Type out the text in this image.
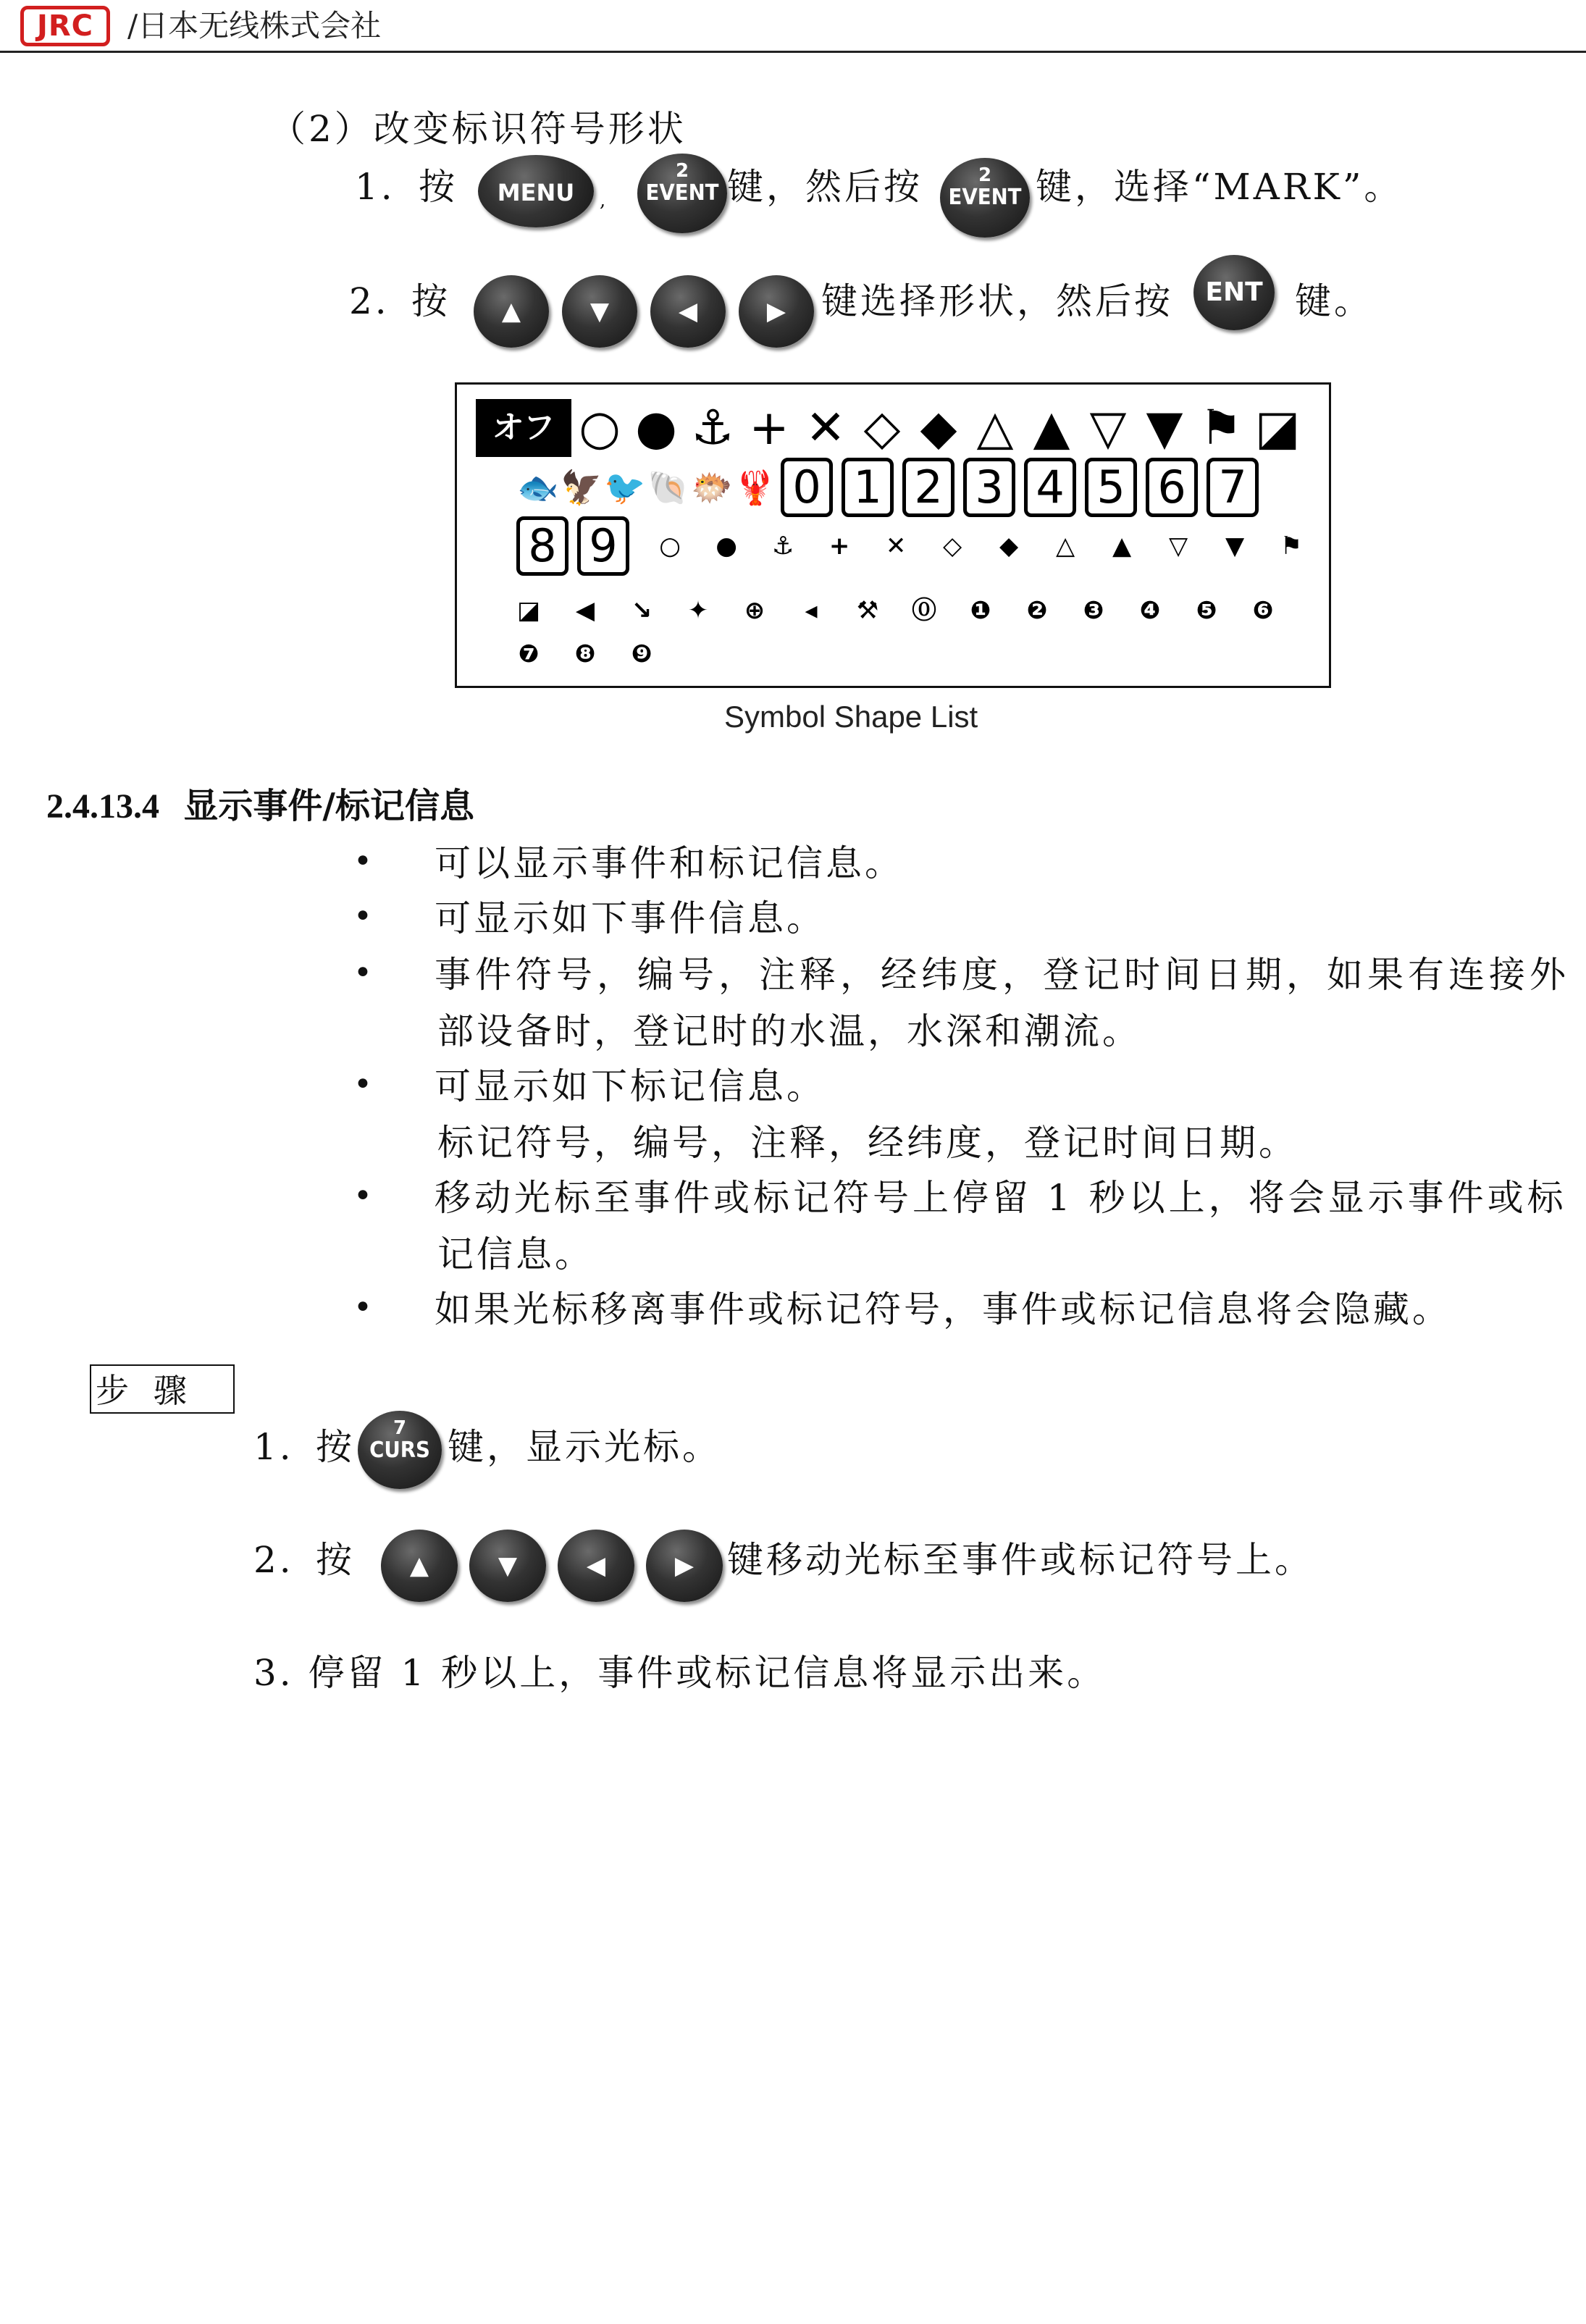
JRC	/日本无线株式会社
（2）改变标识符号形状
1. 按	MENU	,
2
EVENT 键，然后按	2
EVENT 键，选择“MARK”。
2. 按	▲	▼	◀	▶ 键选择形状，然后按	ENT 键。
オフ ○ ● ⚓ + ✕ ◇ ◆ △ ▲ ▽ ▼ ⚑ ◪
🐟🦅🐦🐚🐡🦞 0 1 2 3 4 5 6 7
8 9 ○ ● ⚓ + ✕ ◇ ◆ △ ▲ ▽ ▼ ⚑
◪ ◀ ↘ ✦ ⊕ ◂ ⚒ ⓪ ❶ ❷ ❸ ❹ ❺ ❻
❼ ❽ ❾
Symbol Shape List
2.4.13.4 显示事件/标记信息
• 可以显示事件和标记信息。
• 可显示如下事件信息。
• 事件符号，编号，注释，经纬度，登记时间日期，如果有连接外
部设备时，登记时的水温，水深和潮流。
• 可显示如下标记信息。
标记符号，编号，注释，经纬度，登记时间日期。
• 移动光标至事件或标记符号上停留 1 秒以上，将会显示事件或标
记信息。
• 如果光标移离事件或标记符号，事件或标记信息将会隐藏。
步骤
1. 按	7
CURS 键，显示光标。
2. 按	▲	▼	◀	▶ 键移动光标至事件或标记符号上。
3. 停留 1 秒以上，事件或标记信息将显示出来。
